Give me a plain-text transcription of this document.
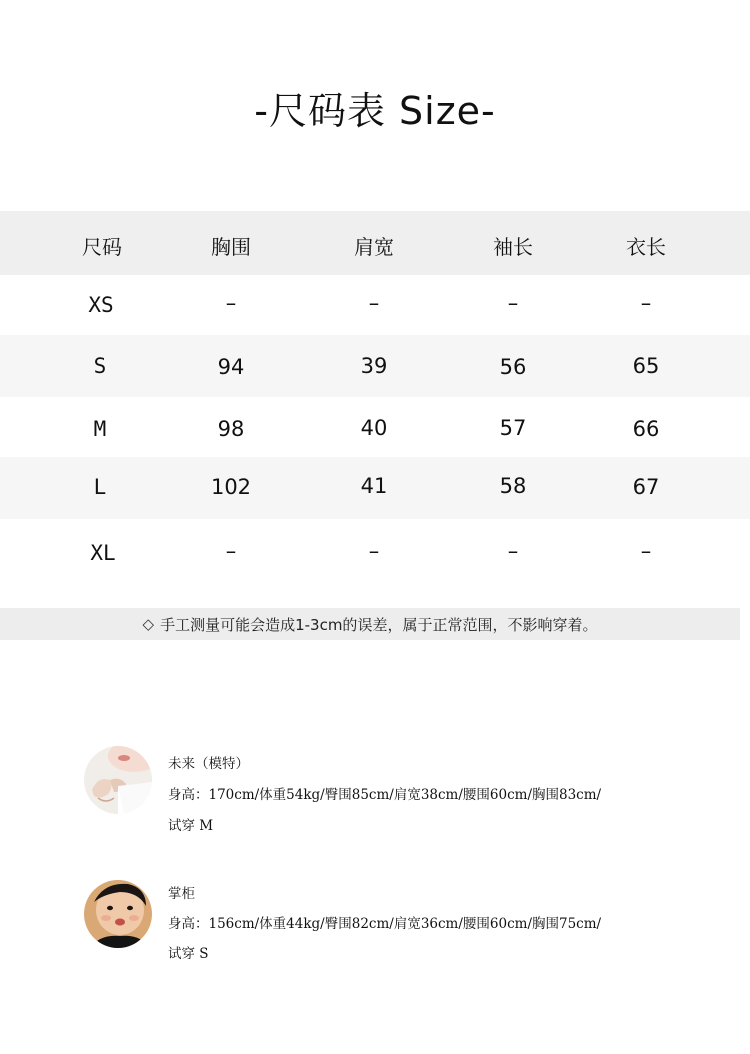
-尺码表 Size-
尺码	胸围	肩宽	袖长	衣长
XS	–	–	–	–
S	94	39	56	65
M	98	40	57	66
L	102	41	58	67
XL	–	–	–	–
◇ 手工测量可能会造成1-3cm的误差，属于正常范围，不影响穿着。
未来（模特）
身高：170cm/体重54kg/臀围85cm/肩宽38cm/腰围60cm/胸围83cm/
试穿 M
掌柜
身高：156cm/体重44kg/臀围82cm/肩宽36cm/腰围60cm/胸围75cm/
试穿 S
